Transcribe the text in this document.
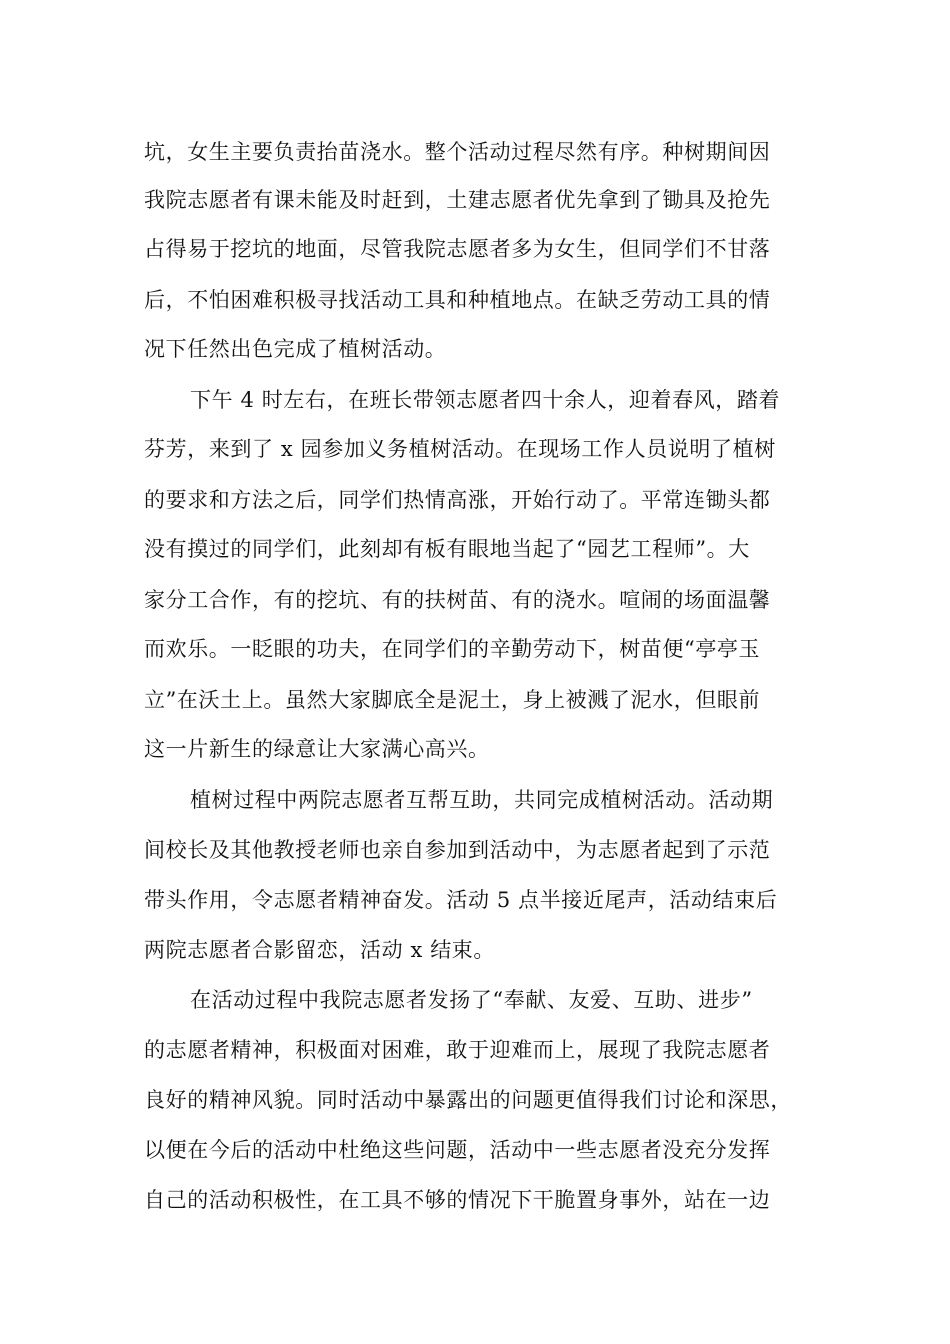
坑，女生主要负责抬苗浇水。整个活动过程尽然有序。种树期间因
我院志愿者有课未能及时赶到，土建志愿者优先拿到了锄具及抢先
占得易于挖坑的地面，尽管我院志愿者多为女生，但同学们不甘落
后，不怕困难积极寻找活动工具和种植地点。在缺乏劳动工具的情
况下任然出色完成了植树活动。
下午 4 时左右，在班长带领志愿者四十余人，迎着春风，踏着
芬芳，来到了 x 园参加义务植树活动。在现场工作人员说明了植树
的要求和方法之后，同学们热情高涨，开始行动了。平常连锄头都
没有摸过的同学们，此刻却有板有眼地当起了“园艺工程师”。大
家分工合作，有的挖坑、有的扶树苗、有的浇水。喧闹的场面温馨
而欢乐。一眨眼的功夫，在同学们的辛勤劳动下，树苗便“亭亭玉
立”在沃土上。虽然大家脚底全是泥土，身上被溅了泥水，但眼前
这一片新生的绿意让大家满心高兴。
植树过程中两院志愿者互帮互助，共同完成植树活动。活动期
间校长及其他教授老师也亲自参加到活动中，为志愿者起到了示范
带头作用，令志愿者精神奋发。活动 5 点半接近尾声，活动结束后
两院志愿者合影留恋，活动 x 结束。
在活动过程中我院志愿者发扬了“奉献、友爱、互助、进步”
的志愿者精神，积极面对困难，敢于迎难而上，展现了我院志愿者
良好的精神风貌。同时活动中暴露出的问题更值得我们讨论和深思，
以便在今后的活动中杜绝这些问题，活动中一些志愿者没充分发挥
自己的活动积极性，在工具不够的情况下干脆置身事外，站在一边
